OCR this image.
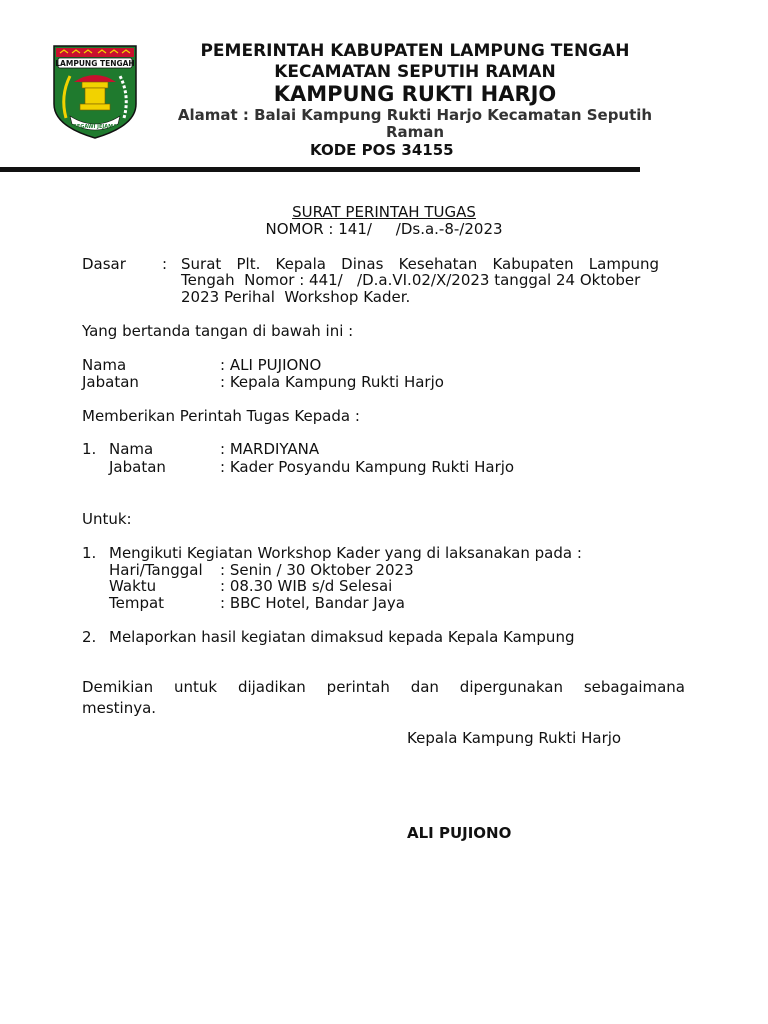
LAMPUNG TENGAH
BEGAWI JEJAMA
PEMERINTAH KABUPATEN LAMPUNG TENGAH
KECAMATAN SEPUTIH RAMAN
KAMPUNG RUKTI HARJO
Alamat : Balai Kampung Rukti Harjo Kecamatan Seputih Raman
KODE POS 34155
SURAT PERINTAH TUGAS
NOMOR : 141/     /Ds.a.-8-/2023
Dasar : Surat Plt. Kepala Dinas Kesehatan Kabupaten Lampung
Tengah  Nomor : 441/   /D.a.VI.02/X/2023 tanggal 24 Oktober
2023 Perihal  Workshop Kader.
Yang bertanda tangan di bawah ini :
Nama	: ALI PUJIONO
Jabatan	: Kepala Kampung Rukti Harjo
Memberikan Perintah Tugas Kepada :
1. Nama	: MARDIYANA
Jabatan	: Kader Posyandu Kampung Rukti Harjo
Untuk:
1. Mengikuti Kegiatan Workshop Kader yang di laksanakan pada :
Hari/Tanggal : Senin / 30 Oktober 2023
Waktu	: 08.30 WIB s/d Selesai
Tempat	: BBC Hotel, Bandar Jaya
2. Melaporkan hasil kegiatan dimaksud kepada Kepala Kampung
Demikian untuk dijadikan perintah dan dipergunakan sebagaimana
mestinya.
Kepala Kampung Rukti Harjo
ALI PUJIONO
